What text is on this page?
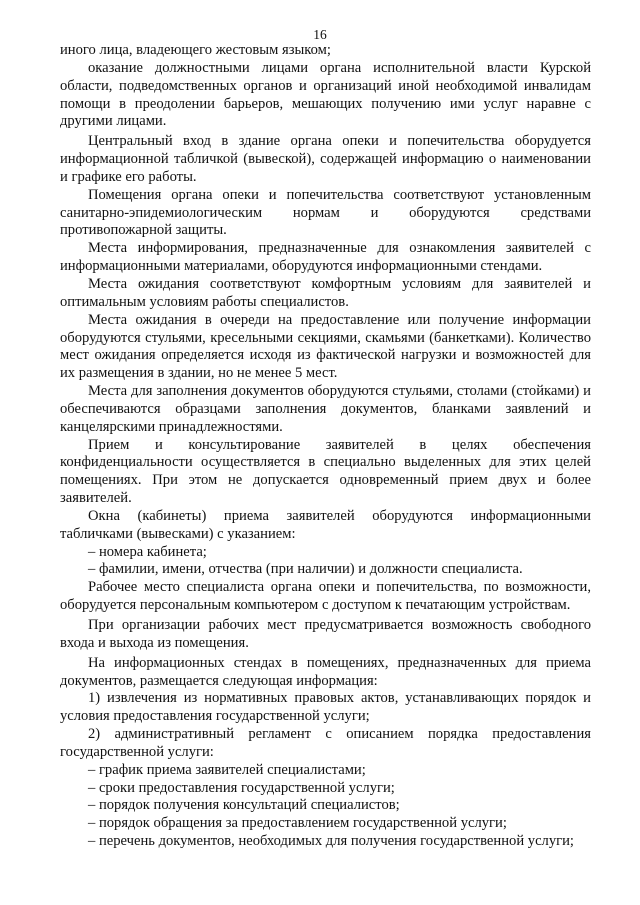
16

иного лица, владеющего жестовым языком;

оказание должностными лицами органа исполнительной власти Курской области, подведомственных органов и организаций иной необходимой инвалидам помощи в преодолении барьеров, мешающих получению ими услуг наравне с другими лицами.

Центральный вход в здание органа опеки и попечительства оборудуется информационной табличкой (вывеской), содержащей информацию о наименовании и графике его работы.

Помещения органа опеки и попечительства соответствуют установленным санитарно-эпидемиологическим нормам и оборудуются средствами противопожарной защиты.

Места информирования, предназначенные для ознакомления заявителей с информационными материалами, оборудуются информационными стендами.

Места ожидания соответствуют комфортным условиям для заявителей и оптимальным условиям работы специалистов.

Места ожидания в очереди на предоставление или получение информации оборудуются стульями, кресельными секциями, скамьями (банкетками). Количество мест ожидания определяется исходя из фактической нагрузки и возможностей для их размещения в здании, но не менее 5 мест.

Места для заполнения документов оборудуются стульями, столами (стойками) и обеспечиваются образцами заполнения документов, бланками заявлений и канцелярскими принадлежностями.

Прием и консультирование заявителей в целях обеспечения конфиденциальности осуществляется в специально выделенных для этих целей помещениях. При этом не допускается одновременный прием двух и более заявителей.

Окна (кабинеты) приема заявителей оборудуются информационными табличками (вывесками) с указанием:

– номера кабинета;

– фамилии, имени, отчества (при наличии) и должности специалиста.

Рабочее место специалиста органа опеки и попечительства, по возможности, оборудуется персональным компьютером с доступом к печатающим устройствам.

При организации рабочих мест предусматривается возможность свободного входа и выхода из помещения.

На информационных стендах в помещениях, предназначенных для приема документов, размещается следующая информация:

1) извлечения из нормативных правовых актов, устанавливающих порядок и условия предоставления государственной услуги;

2) административный регламент с описанием порядка предоставления государственной услуги:

– график приема заявителей специалистами;

– сроки предоставления государственной услуги;

– порядок получения консультаций специалистов;

– порядок обращения за предоставлением государственной услуги;

– перечень документов, необходимых для получения государственной услуги;
